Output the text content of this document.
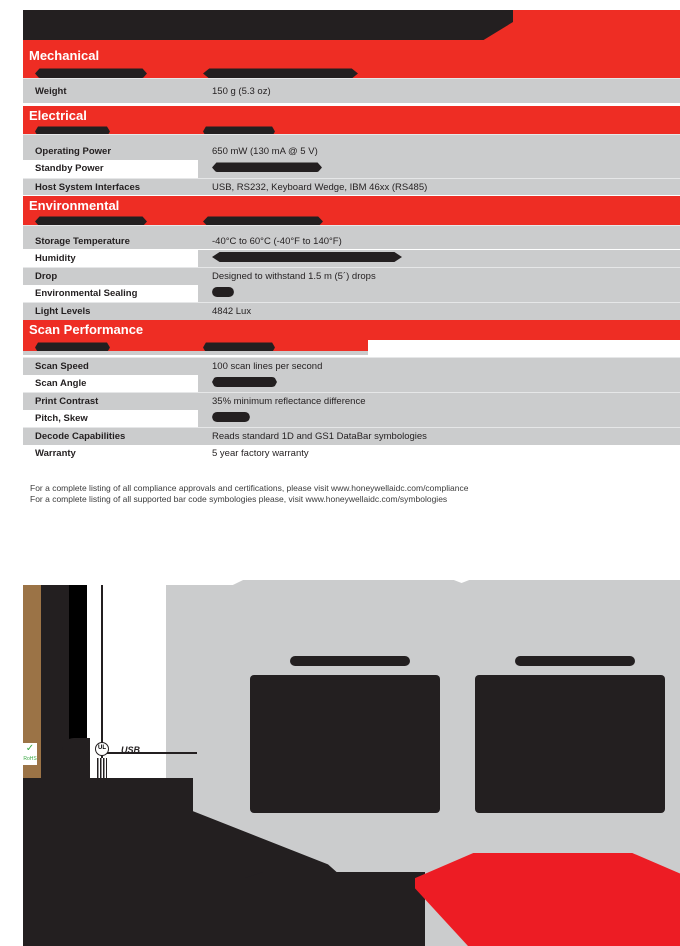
Mechanical
Weight	150 g (5.3 oz)
Electrical
Operating Power	650 mW (130 mA @ 5 V)
Standby Power
Host System Interfaces	USB, RS232, Keyboard Wedge, IBM 46xx (RS485)
Environmental
Storage Temperature	-40°C to 60°C (-40°F to 140°F)
Humidity
Drop	Designed to withstand 1.5 m (5´) drops
Environmental Sealing
Light Levels	4842 Lux
Scan Performance
Scan Speed	100 scan lines per second
Scan Angle
Print Contrast	35% minimum reflectance difference
Pitch, Skew
Decode Capabilities	Reads standard 1D and GS1 DataBar symbologies
Warranty	5 year factory warranty
For a complete listing of all compliance approvals and certifications, please visit www.honeywellaidc.com/compliance
For a complete listing of all supported bar code symbologies please, visit www.honeywellaidc.com/symbologies
✓
RoHS
UL	USB
